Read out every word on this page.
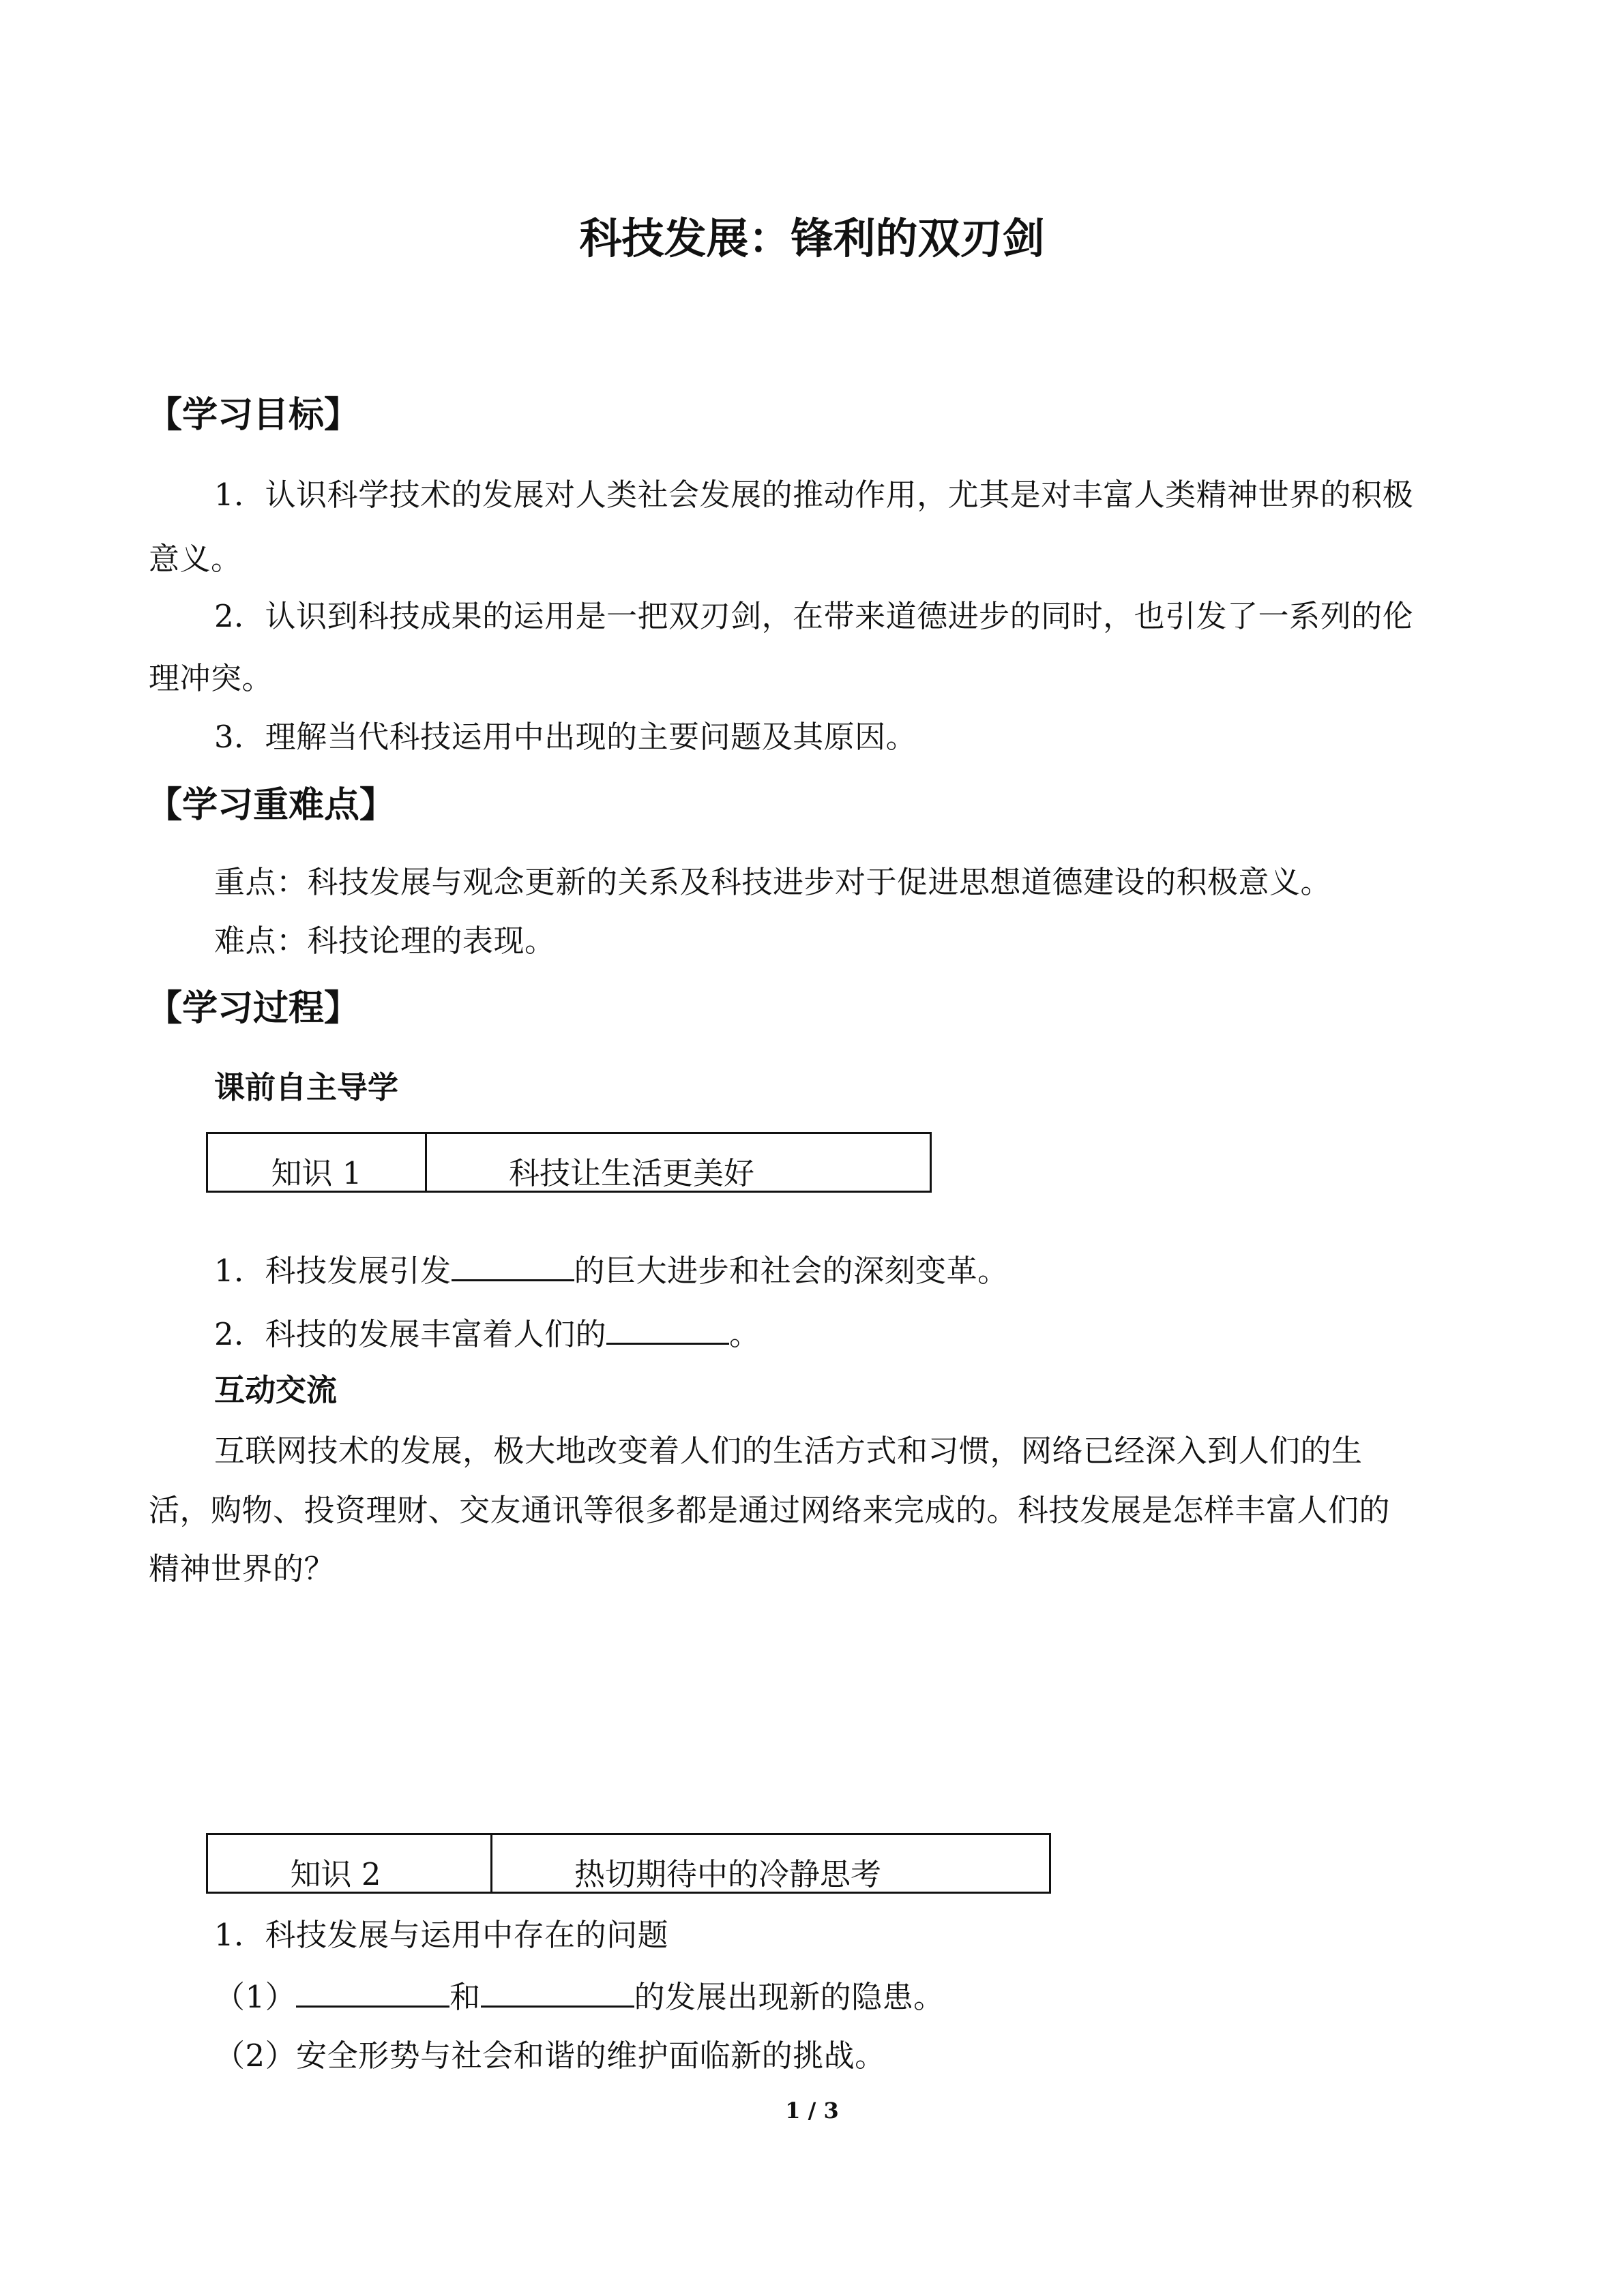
科技发展：锋利的双刃剑
【学习目标】
1．认识科学技术的发展对人类社会发展的推动作用，尤其是对丰富人类精神世界的积极
意义。
2．认识到科技成果的运用是一把双刃剑，在带来道德进步的同时，也引发了一系列的伦
理冲突。
3．理解当代科技运用中出现的主要问题及其原因。
【学习重难点】
重点：科技发展与观念更新的关系及科技进步对于促进思想道德建设的积极意义。
难点：科技论理的表现。
【学习过程】
课前自主导学
知识 1	科技让生活更美好
1．科技发展引发	的巨大进步和社会的深刻变革。
2．科技的发展丰富着人们的	。
互动交流
互联网技术的发展，极大地改变着人们的生活方式和习惯，网络已经深入到人们的生
活，购物、投资理财、交友通讯等很多都是通过网络来完成的。科技发展是怎样丰富人们的
精神世界的？
知识 2	热切期待中的冷静思考
1．科技发展与运用中存在的问题
（1）	和	的发展出现新的隐患。
（2）安全形势与社会和谐的维护面临新的挑战。
1 / 3
